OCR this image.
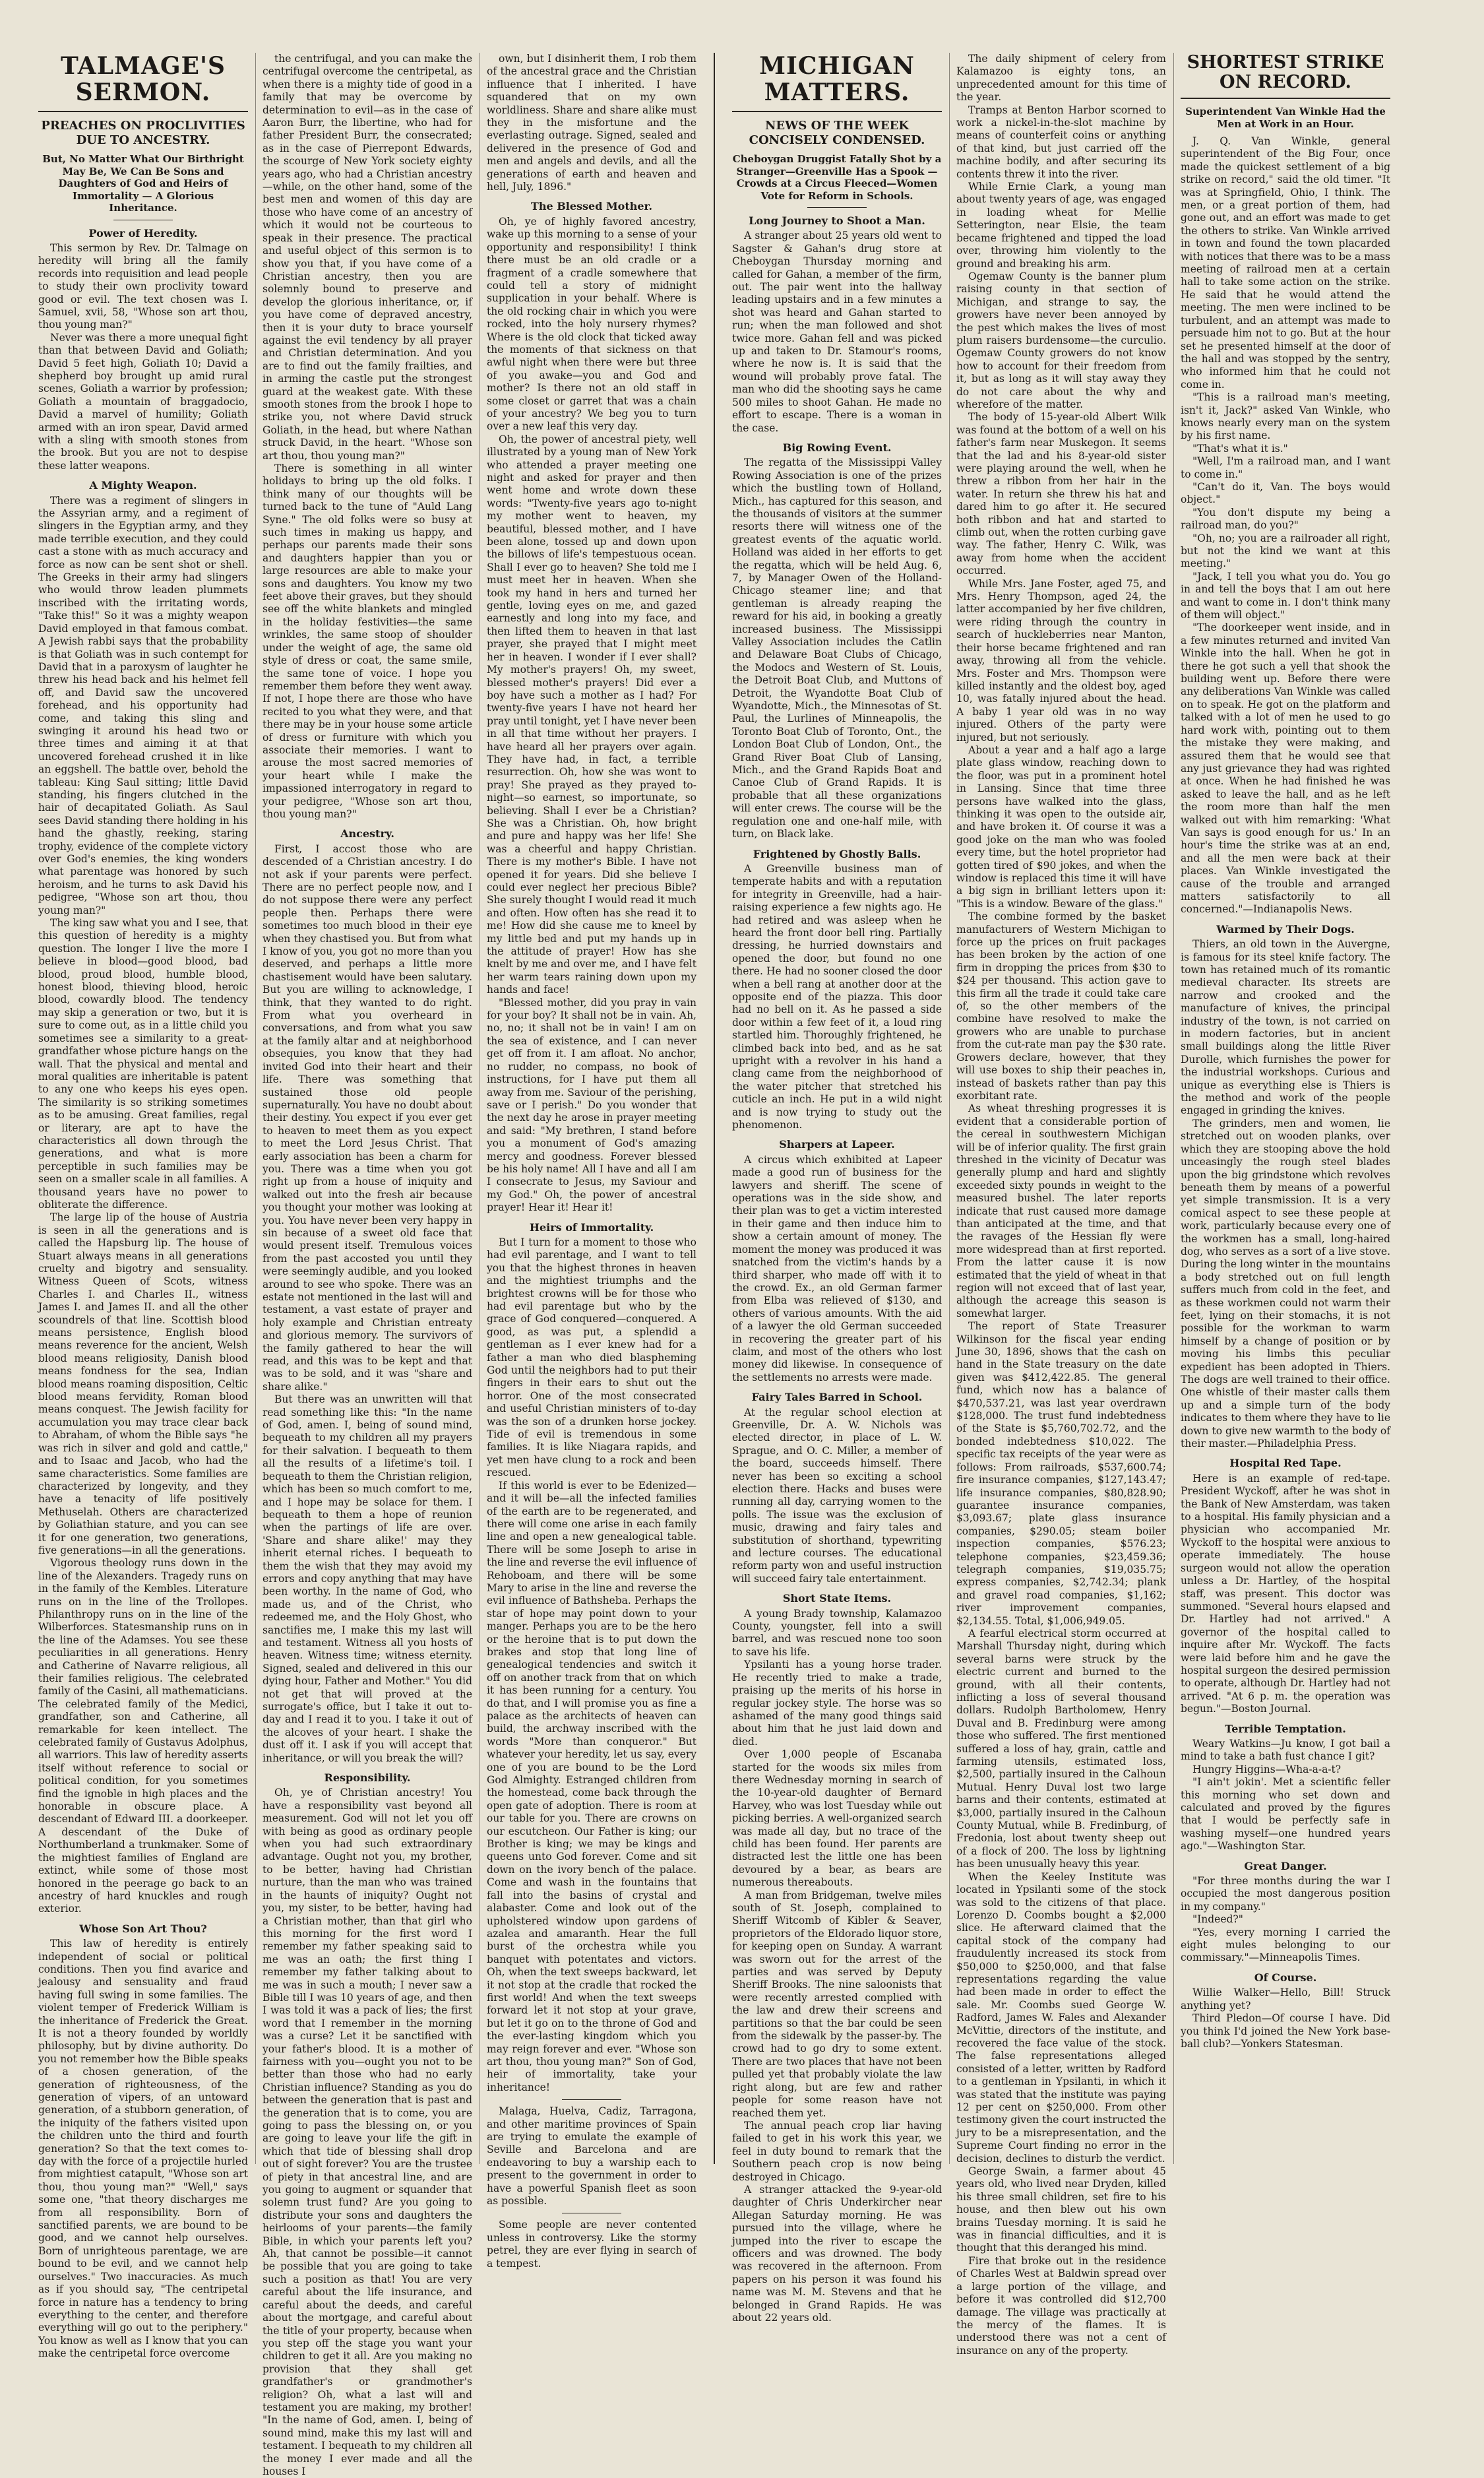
TALMAGE'S SERMON.
PREACHES ON PROCLIVITIES DUE TO ANCESTRY.
But, No Matter What Our Birthright May Be, We Can Be Sons and Daughters of God and Heirs of Immortality — A Glorious Inheritance.
Power of Heredity.

This sermon by Rev. Dr. Talmage on heredity will bring all the family records into requisition and lead people to study their own proclivity toward good or evil. The text chosen was I. Samuel, xvii, 58, "Whose son art thou, thou young man?"

Never was there a more unequal fight than that between David and Goliath; David 5 feet high, Goliath 10; David a shepherd boy brought up amid rural scenes, Goliath a warrior by profession; Goliath a mountain of braggadocio, David a marvel of humility; Goliath armed with an iron spear, David armed with a sling with smooth stones from the brook. But you are not to despise these latter weapons.

A Mighty Weapon.

There was a regiment of slingers in the Assyrian army, and a regiment of slingers in the Egyptian army, and they made terrible execution, and they could cast a stone with as much accuracy and force as now can be sent shot or shell. The Greeks in their army had slingers who would throw leaden plummets inscribed with the irritating words, "Take this!" So it was a mighty weapon David employed in that famous combat. A Jewish rabbi says that the probability is that Goliath was in such contempt for David that in a paroxysm of laughter he threw his head back and his helmet fell off, and David saw the uncovered forehead, and his opportunity had come, and taking this sling and swinging it around his head two or three times and aiming it at that uncovered forehead crushed it in like an eggshell. The battle over, behold the tableau: King Saul sitting; little David standing, his fingers clutched in the hair of decapitated Goliath. As Saul sees David standing there holding in his hand the ghastly, reeking, staring trophy, evidence of the complete victory over God's enemies, the king wonders what parentage was honored by such heroism, and he turns to ask David his pedigree, "Whose son art thou, thou young man?"

The king saw what you and I see, that this question of heredity is a mighty question. The longer I live the more I believe in blood—good blood, bad blood, proud blood, humble blood, honest blood, thieving blood, heroic blood, cowardly blood. The tendency may skip a generation or two, but it is sure to come out, as in a little child you sometimes see a similarity to a great-grandfather whose picture hangs on the wall. That the physical and mental and moral qualities are inheritable is patent to any one who keeps his eyes open. The similarity is so striking sometimes as to be amusing. Great families, regal or literary, are apt to have the characteristics all down through the generations, and what is more perceptible in such families may be seen on a smaller scale in all families. A thousand years have no power to obliterate the difference.

The large lip of the house of Austria is seen in all the generations and is called the Hapsburg lip. The house of Stuart always means in all generations cruelty and bigotry and sensuality. Witness Queen of Scots, witness Charles I. and Charles II., witness James I. and James II. and all the other scoundrels of that line. Scottish blood means persistence, English blood means reverence for the ancient, Welsh blood means religiosity, Danish blood means fondness for the sea, Indian blood means roaming disposition, Celtic blood means fervidity, Roman blood means conquest. The Jewish facility for accumulation you may trace clear back to Abraham, of whom the Bible says "he was rich in silver and gold and cattle," and to Isaac and Jacob, who had the same characteristics. Some families are characterized by longevity, and they have a tenacity of life positively Methuselah. Others are characterized by Goliathian stature, and you can see it for one generation, two generations, five generations—in all the generations.

Vigorous theology runs down in the line of the Alexanders. Tragedy runs on in the family of the Kembles. Literature runs on in the line of the Trollopes. Philanthropy runs on in the line of the Wilberforces. Statesmanship runs on in the line of the Adamses. You see these peculiarities in all generations. Henry and Catherine of Navarre religious, all their families religious. The celebrated family of the Casini, all mathematicians. The celebrated family of the Medici, grandfather, son and Catherine, all remarkable for keen intellect. The celebrated family of Gustavus Adolphus, all warriors. This law of heredity asserts itself without reference to social or political condition, for you sometimes find the ignoble in high places and the honorable in obscure place. A descendant of Edward III. a doorkeeper. A descendant of the Duke of Northumberland a trunkmaker. Some of the mightiest families of England are extinct, while some of those most honored in the peerage go back to an ancestry of hard knuckles and rough exterior.

Whose Son Art Thou?

This law of heredity is entirely independent of social or political conditions. Then you find avarice and jealousy and sensuality and fraud having full swing in some families. The violent temper of Frederick William is the inheritance of Frederick the Great. It is not a theory founded by worldly philosophy, but by divine authority. Do you not remember how the Bible speaks of a chosen generation, of the generation of righteousness, of the generation of vipers, of an untoward generation, of a stubborn generation, of the iniquity of the fathers visited upon the children unto the third and fourth generation? So that the text comes to-day with the force of a projectile hurled from mightiest catapult, "Whose son art thou, thou young man?" "Well," says some one, "that theory discharges me from all responsibility. Born of sanctified parents, we are bound to be good, and we cannot help ourselves. Born of unrighteous parentage, we are bound to be evil, and we cannot help ourselves." Two inaccuracies. As much as if you should say, "The centripetal force in nature has a tendency to bring everything to the center, and therefore everything will go out to the periphery." You know as well as I know that you can make the centripetal force overcome

the centrifugal, and you can make the centrifugal overcome the centripetal, as when there is a mighty tide of good in a family that may be overcome by determination to evil—as in the case of Aaron Burr, the libertine, who had for father President Burr, the consecrated; as in the case of Pierrepont Edwards, the scourge of New York society eighty years ago, who had a Christian ancestry—while, on the other hand, some of the best men and women of this day are those who have come of an ancestry of which it would not be courteous to speak in their presence. The practical and useful object of this sermon is to show you that, if you have come of a Christian ancestry, then you are solemnly bound to preserve and develop the glorious inheritance, or, if you have come of depraved ancestry, then it is your duty to brace yourself against the evil tendency by all prayer and Christian determination. And you are to find out the family frailties, and in arming the castle put the strongest guard at the weakest gate. With these smooth stones from the brook I hope to strike you, not where David struck Goliath, in the head, but where Nathan struck David, in the heart. "Whose son art thou, thou young man?"

There is something in all winter holidays to bring up the old folks. I think many of our thoughts will be turned back to the tune of "Auld Lang Syne." The old folks were so busy at such times in making us happy, and perhaps our parents made their sons and daughters happier than you or large resources are able to make your sons and daughters. You know my two feet above their graves, but they should see off the white blankets and mingled in the holiday festivities—the same wrinkles, the same stoop of shoulder under the weight of age, the same old style of dress or coat, the same smile, the same tone of voice. I hope you remember them before they went away. If not, I hope there are those who have recited to you what they were, and that there may be in your house some article of dress or furniture with which you associate their memories. I want to arouse the most sacred memories of your heart while I make the impassioned interrogatory in regard to your pedigree, "Whose son art thou, thou young man?"

Ancestry.

First, I accost those who are descended of a Christian ancestry. I do not ask if your parents were perfect. There are no perfect people now, and I do not suppose there were any perfect people then. Perhaps there were sometimes too much blood in their eye when they chastised you. But from what I know of you, you got no more than you deserved, and perhaps a little more chastisement would have been salutary. But you are willing to acknowledge, I think, that they wanted to do right. From what you overheard in conversations, and from what you saw at the family altar and at neighborhood obsequies, you know that they had invited God into their heart and their life. There was something that sustained those old people supernaturally. You have no doubt about their destiny. You expect if you ever get to heaven to meet them as you expect to meet the Lord Jesus Christ. That early association has been a charm for you. There was a time when you got right up from a house of iniquity and walked out into the fresh air because you thought your mother was looking at you. You have never been very happy in sin because of a sweet old face that would present itself. Tremulous voices from the past accosted you until they were seemingly audible, and you looked around to see who spoke. There was an estate not mentioned in the last will and testament, a vast estate of prayer and holy example and Christian entreaty and glorious memory. The survivors of the family gathered to hear the will read, and this was to be kept and that was to be sold, and it was "share and share alike."

But there was an unwritten will that read something like this: "In the name of God, amen. I, being of sound mind, bequeath to my children all my prayers for their salvation. I bequeath to them all the results of a lifetime's toil. I bequeath to them the Christian religion, which has been so much comfort to me, and I hope may be solace for them. I bequeath to them a hope of reunion when the partings of life are over. 'Share and share alike!' may they inherit eternal riches. I bequeath to them the wish that they may avoid my errors and copy anything that may have been worthy. In the name of God, who made us, and of the Christ, who redeemed me, and the Holy Ghost, who sanctifies me, I make this my last will and testament. Witness all you hosts of heaven. Witness time; witness eternity. Signed, sealed and delivered in this our dying hour, Father and Mother." You did not get that will proved at the surrogate's office, but I take it out to-day and I read it to you. I take it out of the alcoves of your heart. I shake the dust off it. I ask if you will accept that inheritance, or will you break the will?

Responsibility.

Oh, ye of Christian ancestry! You have a responsibility vast beyond all measurement. God will not let you off with being as good as ordinary people when you had such extraordinary advantage. Ought not you, my brother, to be better, having had Christian nurture, than the man who was trained in the haunts of iniquity? Ought not you, my sister, to be better, having had a Christian mother, than that girl who this morning for the first word I remember my father speaking said to me was an oath; the first thing I remember my father talking about to me was in such a mouth; I never saw a Bible till I was 10 years of age, and then I was told it was a pack of lies; the first word that I remember in the morning was a curse? Let it be sanctified with your father's blood. It is a mother of fairness with you—ought you not to be better than those who had no early Christian influence? Standing as you do between the generation that is past and the generation that is to come, you are going to pass the blessing on, or you are going to leave your life the gift in which that tide of blessing shall drop out of sight forever? You are the trustee of piety in that ancestral line, and are you going to augment or squander that solemn trust fund? Are you going to distribute your sons and daughters the heirlooms of your parents—the family Bible, in which your parents left you? Ah, that cannot be possible—it cannot be possible that you are going to take such a position as that! You are very careful about the life insurance, and careful about the deeds, and careful about the mortgage, and careful about the title of your property, because when you step off the stage you want your children to get it all. Are you making no provision that they shall get grandfather's or grandmother's religion? Oh, what a last will and testament you are making, my brother! "In the name of God, amen. I, being of sound mind, make this my last will and testament. I bequeath to my children all the money I ever made and all the houses I

own, but I disinherit them, I rob them of the ancestral grace and the Christian influence that I inherited. I have squandered that on my own worldliness. Share and share alike must they in the misfortune and the everlasting outrage. Signed, sealed and delivered in the presence of God and men and angels and devils, and all the generations of earth and heaven and hell, July, 1896."

The Blessed Mother.

Oh, ye of highly favored ancestry, wake up this morning to a sense of your opportunity and responsibility! I think there must be an old cradle or a fragment of a cradle somewhere that could tell a story of midnight supplication in your behalf. Where is the old rocking chair in which you were rocked, into the holy nursery rhymes? Where is the old clock that ticked away the moments of that sickness on that awful night when there were but three of you awake—you and God and mother? Is there not an old staff in some closet or garret that was a chain of your ancestry? We beg you to turn over a new leaf this very day.

Oh, the power of ancestral piety, well illustrated by a young man of New York who attended a prayer meeting one night and asked for prayer and then went home and wrote down these words: "Twenty-five years ago to-night my mother went to heaven, my beautiful, blessed mother, and I have been alone, tossed up and down upon the billows of life's tempestuous ocean. Shall I ever go to heaven? She told me I must meet her in heaven. When she took my hand in hers and turned her gentle, loving eyes on me, and gazed earnestly and long into my face, and then lifted them to heaven in that last prayer, she prayed that I might meet her in heaven. I wonder if I ever shall? My mother's prayers! Oh, my sweet, blessed mother's prayers! Did ever a boy have such a mother as I had? For twenty-five years I have not heard her pray until tonight, yet I have never been in all that time without her prayers. I have heard all her prayers over again. They have had, in fact, a terrible resurrection. Oh, how she was wont to pray! She prayed as they prayed to-night—so earnest, so importunate, so believing. Shall I ever be a Christian? She was a Christian. Oh, how bright and pure and happy was her life! She was a cheerful and happy Christian. There is my mother's Bible. I have not opened it for years. Did she believe I could ever neglect her precious Bible? She surely thought I would read it much and often. How often has she read it to me! How did she cause me to kneel by my little bed and put my hands up in the attitude of prayer! How has she knelt by me and over me, and I have felt her warm tears raining down upon my hands and face!

"Blessed mother, did you pray in vain for your boy? It shall not be in vain. Ah, no, no; it shall not be in vain! I am on the sea of existence, and I can never get off from it. I am afloat. No anchor, no rudder, no compass, no book of instructions, for I have put them all away from me. Saviour of the perishing, save or I perish." Do you wonder that the next day he arose in prayer meeting and said: "My brethren, I stand before you a monument of God's amazing mercy and goodness. Forever blessed be his holy name! All I have and all I am I consecrate to Jesus, my Saviour and my God." Oh, the power of ancestral prayer! Hear it! Hear it!

Heirs of Immortality.

But I turn for a moment to those who had evil parentage, and I want to tell you that the highest thrones in heaven and the mightiest triumphs and the brightest crowns will be for those who had evil parentage but who by the grace of God conquered—conquered. A good, as was put, a splendid a gentleman as I ever knew had for a father a man who died blaspheming God until the neighbors had to put their fingers in their ears to shut out the horror. One of the most consecrated and useful Christian ministers of to-day was the son of a drunken horse jockey. Tide of evil is tremendous in some families. It is like Niagara rapids, and yet men have clung to a rock and been rescued.

If this world is ever to be Edenized—and it will be—all the infected families of the earth are to be regenerated, and there will come one arise in each family line and open a new genealogical table. There will be some Joseph to arise in the line and reverse the evil influence of Rehoboam, and there will be some Mary to arise in the line and reverse the evil influence of Bathsheba. Perhaps the star of hope may point down to your manger. Perhaps you are to be the hero or the heroine that is to put down the brakes and stop that long line of genealogical tendencies and switch it off on another track from that on which it has been running for a century. You do that, and I will promise you as fine a palace as the architects of heaven can build, the archway inscribed with the words "More than conqueror." But whatever your heredity, let us say, every one of you are bound to be the Lord God Almighty. Estranged children from the homestead, come back through the open gate of adoption. There is room at our table for you. There are crowns on our escutcheon. Our Father is king; our Brother is king; we may be kings and queens unto God forever. Come and sit down on the ivory bench of the palace. Come and wash in the fountains that fall into the basins of crystal and alabaster. Come and look out of the upholstered window upon gardens of azalea and amaranth. Hear the full burst of the orchestra while you banquet with potentates and victors. Oh, when the text sweeps backward, let it not stop at the cradle that rocked the first world! And when the text sweeps forward let it not stop at your grave, but let it go on to the throne of God and the ever-lasting kingdom which you may reign forever and ever. "Whose son art thou, thou young man?" Son of God, heir of immortality, take your inheritance!

Malaga, Huelva, Cadiz, Tarragona, and other maritime provinces of Spain are trying to emulate the example of Seville and Barcelona and are endeavoring to buy a warship each to present to the government in order to have a powerful Spanish fleet as soon as possible.

Some people are never contented unless in controversy. Like the stormy petrel, they are ever flying in search of a tempest.

MICHIGAN MATTERS.
NEWS OF THE WEEK CONCISELY CONDENSED.
Cheboygan Druggist Fatally Shot by a Stranger—Greenville Has a Spook —Crowds at a Circus Fleeced—Women Vote for Reform in Schools.
Long Journey to Shoot a Man.

A stranger about 25 years old went to Sagster & Gahan's drug store at Cheboygan Thursday morning and called for Gahan, a member of the firm, out. The pair went into the hallway leading upstairs and in a few minutes a shot was heard and Gahan started to run; when the man followed and shot twice more. Gahan fell and was picked up and taken to Dr. Stamour's rooms, where he now is. It is said that the wound will probably prove fatal. The man who did the shooting says he came 500 miles to shoot Gahan. He made no effort to escape. There is a woman in the case.

Big Rowing Event.

The regatta of the Mississippi Valley Rowing Association is one of the prizes which the bustling town of Holland, Mich., has captured for this season, and the thousands of visitors at the summer resorts there will witness one of the greatest events of the aquatic world. Holland was aided in her efforts to get the regatta, which will be held Aug. 6, 7, by Manager Owen of the Holland-Chicago steamer line; and that gentleman is already reaping the reward for his aid, in booking a greatly increased business. The Mississippi Valley Association includes the Catlin and Delaware Boat Clubs of Chicago, the Modocs and Western of St. Louis, the Detroit Boat Club, and Muttons of Detroit, the Wyandotte Boat Club of Wyandotte, Mich., the Minnesotas of St. Paul, the Lurlines of Minneapolis, the Toronto Boat Club of Toronto, Ont., the London Boat Club of London, Ont., the Grand River Boat Club of Lansing, Mich., and the Grand Rapids Boat and Canoe Club of Grand Rapids. It is probable that all these organizations will enter crews. The course will be the regulation one and one-half mile, with turn, on Black lake.

Frightened by Ghostly Balls.

A Greenville business man of temperate habits and with a reputation for integrity in Greenville, had a hair-raising experience a few nights ago. He had retired and was asleep when he heard the front door bell ring. Partially dressing, he hurried downstairs and opened the door, but found no one there. He had no sooner closed the door when a bell rang at another door at the opposite end of the piazza. This door had no bell on it. As he passed a side door within a few feet of it, a loud ring startled him. Thoroughly frightened, he climbed back into bed, and as he sat upright with a revolver in his hand a clang came from the neighborhood of the water pitcher that stretched his cuticle an inch. He put in a wild night and is now trying to study out the phenomenon.

Sharpers at Lapeer.

A circus which exhibited at Lapeer made a good run of business for the lawyers and sheriff. The scene of operations was in the side show, and their plan was to get a victim interested in their game and then induce him to show a certain amount of money. The moment the money was produced it was snatched from the victim's hands by a third sharper, who made off with it to the crowd. Ex., an old German farmer from Elba was relieved of $130, and others of various amounts. With the aid of a lawyer the old German succeeded in recovering the greater part of his claim, and most of the others who lost money did likewise. In consequence of the settlements no arrests were made.

Fairy Tales Barred in School.

At the regular school election at Greenville, Dr. A. W. Nichols was elected director, in place of L. W. Sprague, and O. C. Miller, a member of the board, succeeds himself. There never has been so exciting a school election there. Hacks and buses were running all day, carrying women to the polls. The issue was the exclusion of music, drawing and fairy tales and substitution of shorthand, typewriting and lecture courses. The educational reform party won and useful instruction will succeed fairy tale entertainment.

Short State Items.

A young Brady township, Kalamazoo County, youngster, fell into a swill barrel, and was rescued none too soon to save his life.

Ypsilanti has a young horse trader. He recently tried to make a trade, praising up the merits of his horse in regular jockey style. The horse was so ashamed of the many good things said about him that he just laid down and died.

Over 1,000 people of Escanaba started for the woods six miles from there Wednesday morning in search of the 10-year-old daughter of Bernard Harvey, who was lost Tuesday while out picking berries. A well-organized search was made all day, but no trace of the child has been found. Her parents are distracted lest the little one has been devoured by a bear, as bears are numerous thereabouts.

A man from Bridgeman, twelve miles south of St. Joseph, complained to Sheriff Witcomb of Kibler & Seaver, proprietors of the Eldorado liquor store, for keeping open on Sunday. A warrant was sworn out for the arrest of the parties and was served by Deputy Sheriff Brooks. The nine saloonists that were recently arrested complied with the law and drew their screens and partitions so that the bar could be seen from the sidewalk by the passer-by. The crowd had to go dry to some extent. There are two places that have not been pulled yet that probably violate the law right along, but are few and rather people for some reason have not reached them yet.

The annual peach crop liar having failed to get in his work this year, we feel in duty bound to remark that the Southern peach crop is now being destroyed in Chicago.

A stranger attacked the 9-year-old daughter of Chris Underkircher near Allegan Saturday morning. He was pursued into the village, where he jumped into the river to escape the officers and was drowned. The body was recovered in the afternoon. From papers on his person it was found his name was M. M. Stevens and that he belonged in Grand Rapids. He was about 22 years old.

The daily shipment of celery from Kalamazoo is eighty tons, an unprecedented amount for this time of the year.

Tramps at Benton Harbor scorned to work a nickel-in-the-slot machine by means of counterfeit coins or anything of that kind, but just carried off the machine bodily, and after securing its contents threw it into the river.

While Ernie Clark, a young man about twenty years of age, was engaged in loading wheat for Mellie Setterington, near Elsie, the team became frightened and tipped the load over, throwing him violently to the ground and breaking his arm.

Ogemaw County is the banner plum raising county in that section of Michigan, and strange to say, the growers have never been annoyed by the pest which makes the lives of most plum raisers burdensome—the curculio. Ogemaw County growers do not know how to account for their freedom from it, but as long as it will stay away they do not care about the why and wherefore of the matter.

The body of 15-year-old Albert Wilk was found at the bottom of a well on his father's farm near Muskegon. It seems that the lad and his 8-year-old sister were playing around the well, when he threw a ribbon from her hair in the water. In return she threw his hat and dared him to go after it. He secured both ribbon and hat and started to climb out, when the rotten curbing gave way. The father, Henry C. Wilk, was away from home when the accident occurred.

While Mrs. Jane Foster, aged 75, and Mrs. Henry Thompson, aged 24, the latter accompanied by her five children, were riding through the country in search of huckleberries near Manton, their horse became frightened and ran away, throwing all from the vehicle. Mrs. Foster and Mrs. Thompson were killed instantly and the oldest boy, aged 10, was fatally injured about the head. A baby 1 year old was in no way injured. Others of the party were injured, but not seriously.

About a year and a half ago a large plate glass window, reaching down to the floor, was put in a prominent hotel in Lansing. Since that time three persons have walked into the glass, thinking it was open to the outside air, and have broken it. Of course it was a good joke on the man who was fooled every time, but the hotel proprietor had gotten tired of $90 jokes, and when the window is replaced this time it will have a big sign in brilliant letters upon it: "This is a window. Beware of the glass."

The combine formed by the basket manufacturers of Western Michigan to force up the prices on fruit packages has been broken by the action of one firm in dropping the prices from $30 to $24 per thousand. This action gave to this firm all the trade it could take care of, so the other members of the combine have resolved to make the growers who are unable to purchase from the cut-rate man pay the $30 rate. Growers declare, however, that they will use boxes to ship their peaches in, instead of baskets rather than pay this exorbitant rate.

As wheat threshing progresses it is evident that a considerable portion of the cereal in southwestern Michigan will be of inferior quality. The first grain threshed in the vicinity of Decatur was generally plump and hard and slightly exceeded sixty pounds in weight to the measured bushel. The later reports indicate that rust caused more damage than anticipated at the time, and that the ravages of the Hessian fly were more widespread than at first reported. From the latter cause it is now estimated that the yield of wheat in that region will not exceed that of last year, although the acreage this season is somewhat larger.

The report of State Treasurer Wilkinson for the fiscal year ending June 30, 1896, shows that the cash on hand in the State treasury on the date given was $412,422.85. The general fund, which now has a balance of $470,537.21, was last year overdrawn $128,000. The trust fund indebtedness of the State is $5,760,702.72, and the bonded indebtedness $10,022. The specific tax receipts of the year were as follows: From railroads, $537,600.74; fire insurance companies, $127,143.47; life insurance companies, $80,828.90; guarantee insurance companies, $3,093.67; plate glass insurance companies, $290.05; steam boiler inspection companies, $576.23; telephone companies, $23,459.36; telegraph companies, $19,035.75; express companies, $2,742.34; plank and gravel road companies, $1,162; river improvement companies, $2,134.55. Total, $1,006,949.05.

A fearful electrical storm occurred at Marshall Thursday night, during which several barns were struck by the electric current and burned to the ground, with all their contents, inflicting a loss of several thousand dollars. Rudolph Bartholomew, Henry Duval and B. Fredinburg were among those who suffered. The first mentioned suffered a loss of hay, grain, cattle and farming utensils, estimated loss, $2,500, partially insured in the Calhoun Mutual. Henry Duval lost two large barns and their contents, estimated at $3,000, partially insured in the Calhoun County Mutual, while B. Fredinburg, of Fredonia, lost about twenty sheep out of a flock of 200. The loss by lightning has been unusually heavy this year.

When the Keeley Institute was located in Ypsilanti some of the stock was sold to the citizens of that place. Lorenzo D. Coombs bought a $2,000 slice. He afterward claimed that the capital stock of the company had fraudulently increased its stock from $50,000 to $250,000, and that false representations regarding the value had been made in order to effect the sale. Mr. Coombs sued George W. Radford, James W. Fales and Alexander McVittie, directors of the institute, and recovered the face value of the stock. The false representations alleged consisted of a letter, written by Radford to a gentleman in Ypsilanti, in which it was stated that the institute was paying 12 per cent on $250,000. From other testimony given the court instructed the jury to be a misrepresentation, and the Supreme Court finding no error in the decision, declines to disturb the verdict.

George Swain, a farmer about 45 years old, who lived near Dryden, killed his three small children, set fire to his house, and then blew out his own brains Tuesday morning. It is said he was in financial difficulties, and it is thought that this deranged his mind.

Fire that broke out in the residence of Charles West at Baldwin spread over a large portion of the village, and before it was controlled did $12,700 damage. The village was practically at the mercy of the flames. It is understood there was not a cent of insurance on any of the property.

SHORTEST STRIKE ON RECORD.
Superintendent Van Winkle Had the Men at Work in an Hour.

J. Q. Van Winkle, general superintendent of the Big Four, once made the quickest settlement of a big strike on record," said the old timer. "It was at Springfield, Ohio, I think. The men, or a great portion of them, had gone out, and an effort was made to get the others to strike. Van Winkle arrived in town and found the town placarded with notices that there was to be a mass meeting of railroad men at a certain hall to take some action on the strike. He said that he would attend the meeting. The men were inclined to be turbulent, and an attempt was made to persuade him not to go. But at the hour set he presented himself at the door of the hall and was stopped by the sentry, who informed him that he could not come in.

"This is a railroad man's meeting, isn't it, Jack?" asked Van Winkle, who knows nearly every man on the system by his first name.

"That's what it is."

"Well, I'm a railroad man, and I want to come in."

"Can't do it, Van. The boys would object."

"You don't dispute my being a railroad man, do you?"

"Oh, no; you are a railroader all right, but not the kind we want at this meeting."

"Jack, I tell you what you do. You go in and tell the boys that I am out here and want to come in. I don't think many of them will object."

"The doorkeeper went inside, and in a few minutes returned and invited Van Winkle into the hall. When he got in there he got such a yell that shook the building went up. Before there were any deliberations Van Winkle was called on to speak. He got on the platform and talked with a lot of men he used to go hard work with, pointing out to them the mistake they were making, and assured them that he would see that any just grievance they had was righted at once. When he had finished he was asked to leave the hall, and as he left the room more than half the men walked out with him remarking: 'What Van says is good enough for us.' In an hour's time the strike was at an end, and all the men were back at their places. Van Winkle investigated the cause of the trouble and arranged matters satisfactorily to all concerned."—Indianapolis News.

Warmed by Their Dogs.

Thiers, an old town in the Auvergne, is famous for its steel knife factory. The town has retained much of its romantic medieval character. Its streets are narrow and crooked and the manufacture of knives, the principal industry of the town, is not carried on in modern factories, but in ancient small buildings along the little River Durolle, which furnishes the power for the industrial workshops. Curious and unique as everything else is Thiers is the method and work of the people engaged in grinding the knives.

The grinders, men and women, lie stretched out on wooden planks, over which they are stooping above the hold unceasingly the rough steel blades upon the big grindstone which revolves beneath them by means of a powerful yet simple transmission. It is a very comical aspect to see these people at work, particularly because every one of the workmen has a small, long-haired dog, who serves as a sort of a live stove. During the long winter in the mountains a body stretched out on full length suffers much from cold in the feet, and as these workmen could not warm their feet, lying on their stomachs, it is not possible for the workman to warm himself by a change of position or by moving his limbs this peculiar expedient has been adopted in Thiers. The dogs are well trained to their office. One whistle of their master calls them up and a simple turn of the body indicates to them where they have to lie down to give new warmth to the body of their master.—Philadelphia Press.

Hospital Red Tape.

Here is an example of red-tape. President Wyckoff, after he was shot in the Bank of New Amsterdam, was taken to a hospital. His family physician and a physician who accompanied Mr. Wyckoff to the hospital were anxious to operate immediately. The house surgeon would not allow the operation unless a Dr. Hartley, of the hospital staff, was present. This doctor was summoned. "Several hours elapsed and Dr. Hartley had not arrived." A governor of the hospital called to inquire after Mr. Wyckoff. The facts were laid before him and he gave the hospital surgeon the desired permission to operate, although Dr. Hartley had not arrived. "At 6 p. m. the operation was begun."—Boston Journal.

Terrible Temptation.

Weary Watkins—Ju know, I got bail a mind to take a bath fust chance I git?

Hungry Higgins—Wha-a-a-t?

"I ain't jokin'. Met a scientific feller this morning who set down and calculated and proved by the figures that I would be perfectly safe in washing myself—one hundred years ago."—Washington Star.

Great Danger.

"For three months during the war I occupied the most dangerous position in my company."

"Indeed?"

"Yes, every morning I carried the eight mules belonging to our commissary."—Minneapolis Times.

Of Course.

Willie Walker—Hello, Bill! Struck anything yet?

Third Pledon—Of course I have. Did you think I'd joined the New York base-ball club?—Yonkers Statesman.
